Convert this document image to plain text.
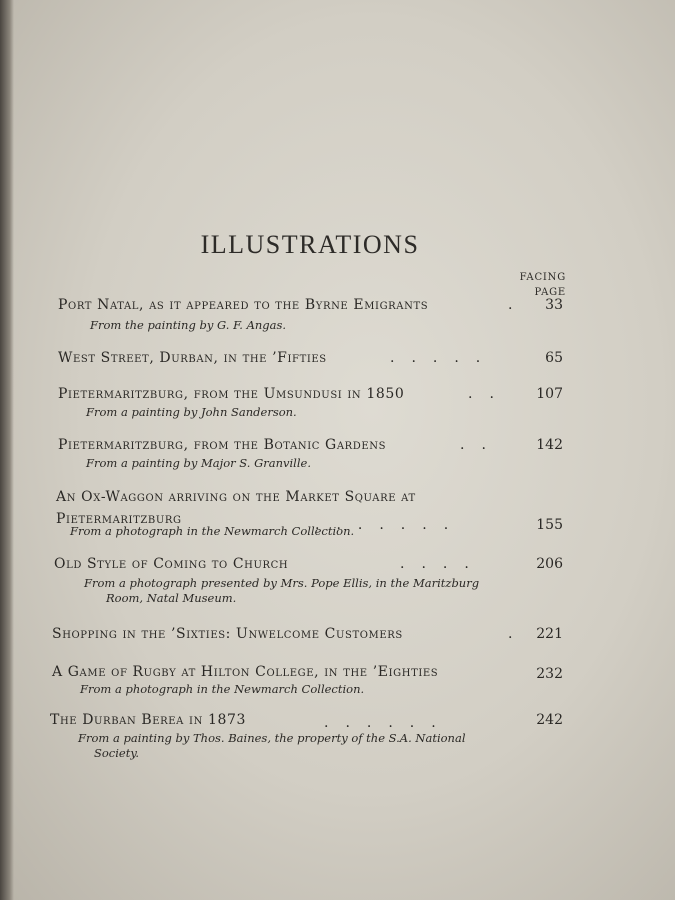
ILLUSTRATIONS
FACING
PAGE
Port Natal, as it appeared to the Byrne Emigrants	. 33
From the painting by G. F. Angas.
West Street, Durban, in the ’Fifties	.....	65
Pietermaritzburg, from the Umsundusi in 1850	.. 107
From a painting by John Sanderson.
Pietermaritzburg, from the Botanic Gardens	.. 142
From a painting by Major S. Granville.
An Ox-Waggon arriving on the Market Square at
Pietermaritzburg	.......	155
From a photograph in the Newmarch Collection.
Old Style of Coming to Church	....	206
From a photograph presented by Mrs. Pope Ellis, in the Maritzburg
Room, Natal Museum.
Shopping in the ’Sixties: Unwelcome Customers	. 221
A Game of Rugby at Hilton College, in the ’Eighties	232
From a photograph in the Newmarch Collection.
The Durban Berea in 1873	......	242
From a painting by Thos. Baines, the property of the S.A. National
Society.
